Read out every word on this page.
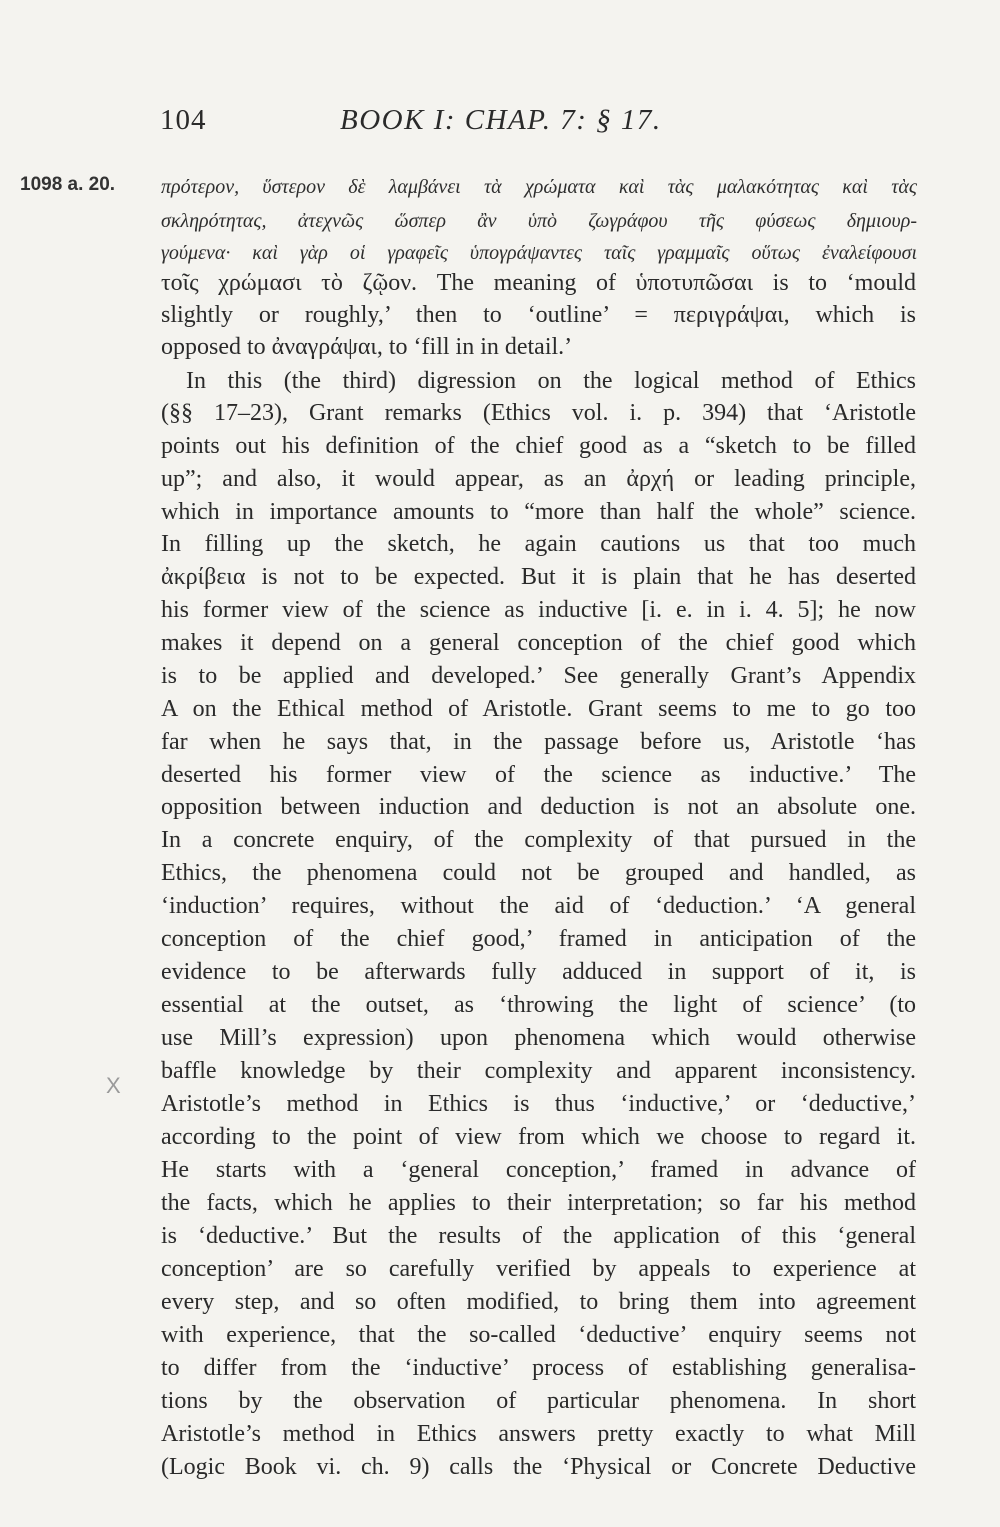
104	BOOK I: CHAP. 7: § 17.
1098 a. 20.
X
πρότερον, ὕστερον δὲ λαμβάνει τὰ χρώματα καὶ τὰς μαλακότητας καὶ τὰς
σκληρότητας, ἀτεχνῶς ὥσπερ ἂν ὑπὸ ζωγράφου τῆς φύσεως δημιουρ-
γούμενα· καὶ γὰρ οἱ γραφεῖς ὑπογράψαντες ταῖς γραμμαῖς οὕτως ἐναλείφουσι
τοῖς χρώμασι τὸ ζῷον. The meaning of ὑποτυπῶσαι is to ‘mould
slightly or roughly,’ then to ‘outline’ = περιγράψαι, which is
opposed to ἀναγράψαι, to ‘fill in in detail.’
In this (the third) digression on the logical method of Ethics
(§§ 17–23), Grant remarks (Ethics vol. i. p. 394) that ‘Aristotle
points out his definition of the chief good as a “sketch to be filled
up”; and also, it would appear, as an ἀρχή or leading principle,
which in importance amounts to “more than half the whole” science.
In filling up the sketch, he again cautions us that too much
ἀκρίβεια is not to be expected. But it is plain that he has deserted
his former view of the science as inductive [i. e. in i. 4. 5]; he now
makes it depend on a general conception of the chief good which
is to be applied and developed.’ See generally Grant’s Appendix
A on the Ethical method of Aristotle. Grant seems to me to go too
far when he says that, in the passage before us, Aristotle ‘has
deserted his former view of the science as inductive.’ The
opposition between induction and deduction is not an absolute one.
In a concrete enquiry, of the complexity of that pursued in the
Ethics, the phenomena could not be grouped and handled, as
‘induction’ requires, without the aid of ‘deduction.’ ‘A general
conception of the chief good,’ framed in anticipation of the
evidence to be afterwards fully adduced in support of it, is
essential at the outset, as ‘throwing the light of science’ (to
use Mill’s expression) upon phenomena which would otherwise
baffle knowledge by their complexity and apparent inconsistency.
Aristotle’s method in Ethics is thus ‘inductive,’ or ‘deductive,’
according to the point of view from which we choose to regard it.
He starts with a ‘general conception,’ framed in advance of
the facts, which he applies to their interpretation; so far his method
is ‘deductive.’ But the results of the application of this ‘general
conception’ are so carefully verified by appeals to experience at
every step, and so often modified, to bring them into agreement
with experience, that the so-called ‘deductive’ enquiry seems not
to differ from the ‘inductive’ process of establishing generalisa-
tions by the observation of particular phenomena. In short
Aristotle’s method in Ethics answers pretty exactly to what Mill
(Logic Book vi. ch. 9) calls the ‘Physical or Concrete Deductive
